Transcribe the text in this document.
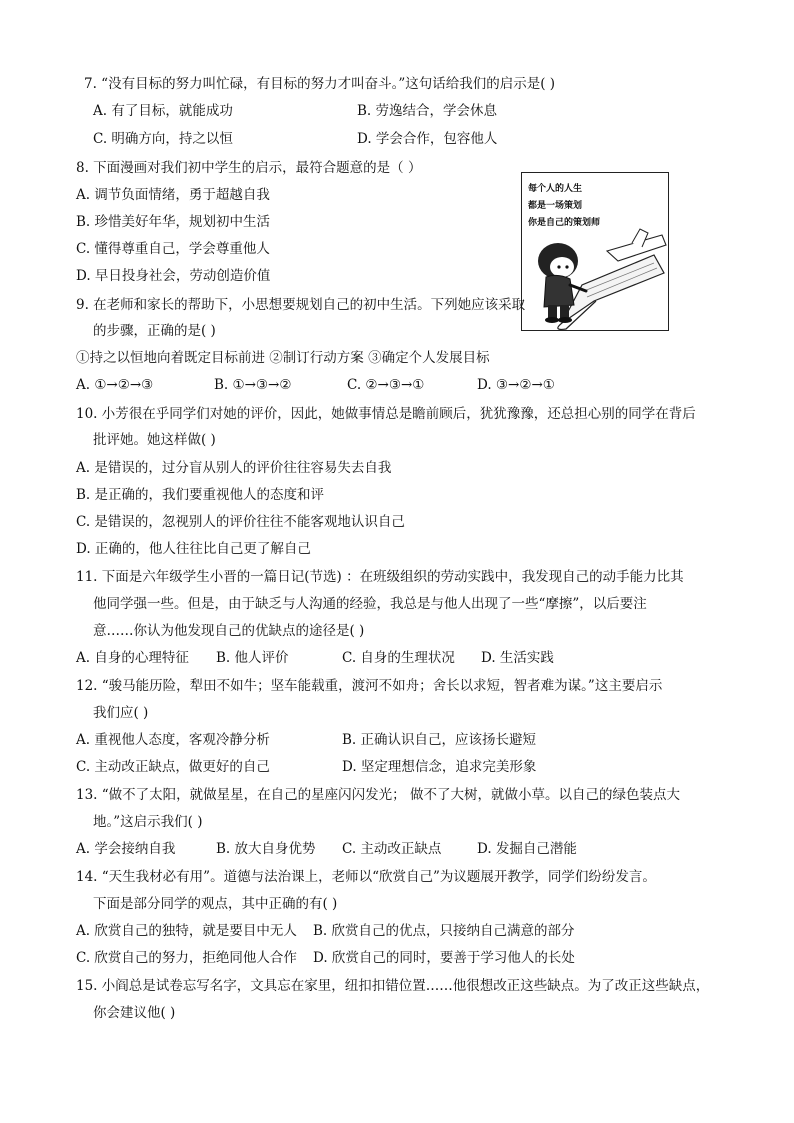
7. “没有目标的努力叫忙碌，有目标的努力才叫奋斗。”这句话给我们的启示是( )
A. 有了目标，就能成功	B. 劳逸结合，学会休息
C. 明确方向，持之以恒	D. 学会合作，包容他人
8. 下面漫画对我们初中学生的启示，最符合题意的是（ ）
A. 调节负面情绪，勇于超越自我
B. 珍惜美好年华，规划初中生活
C. 懂得尊重自己，学会尊重他人
D. 早日投身社会，劳动创造价值
每个人的人生
都是一场策划
你是自己的策划师
9. 在老师和家长的帮助下，小思想要规划自己的初中生活。下列她应该采取
的步骤，正确的是( )
①持之以恒地向着既定目标前进 ②制订行动方案 ③确定个人发展目标
A. ①→②→③	B. ①→③→②	C. ②→③→①	D. ③→②→①
10. 小芳很在乎同学们对她的评价，因此，她做事情总是瞻前顾后，犹犹豫豫，还总担心别的同学在背后
批评她。她这样做( )
A. 是错误的，过分盲从别人的评价往往容易失去自我
B. 是正确的，我们要重视他人的态度和评
C. 是错误的，忽视别人的评价往往不能客观地认识自己
D. 正确的，他人往往比自己更了解自己
11. 下面是六年级学生小晋的一篇日记(节选) ：在班级组织的劳动实践中，我发现自己的动手能力比其
他同学强一些。但是，由于缺乏与人沟通的经验，我总是与他人出现了一些“摩擦”，以后要注
意……你认为他发现自己的优缺点的途径是( )
A. 自身的心理特征 B. 他人评价	C. 自身的生理状况 D. 生活实践
12. “骏马能历险，犁田不如牛；坚车能载重，渡河不如舟；舍长以求短，智者难为谋。”这主要启示
我们应( )
A. 重视他人态度，客观冷静分析	B. 正确认识自己，应该扬长避短
C. 主动改正缺点，做更好的自己	D. 坚定理想信念，追求完美形象
13. “做不了太阳，就做星星，在自己的星座闪闪发光； 做不了大树，就做小草。以自己的绿色装点大
地。”这启示我们( )
A. 学会接纳自我	B. 放大自身优势 C. 主动改正缺点	D. 发掘自己潜能
14. “天生我材必有用”。道德与法治课上，老师以“欣赏自己”为议题展开教学，同学们纷纷发言。
下面是部分同学的观点，其中正确的有( )
A. 欣赏自己的独特，就是要目中无人 B. 欣赏自己的优点，只接纳自己满意的部分
C. 欣赏自己的努力，拒绝同他人合作 D. 欣赏自己的同时，要善于学习他人的长处
15. 小阎总是试卷忘写名字，文具忘在家里，纽扣扣错位置……他很想改正这些缺点。为了改正这些缺点，
你会建议他( )
